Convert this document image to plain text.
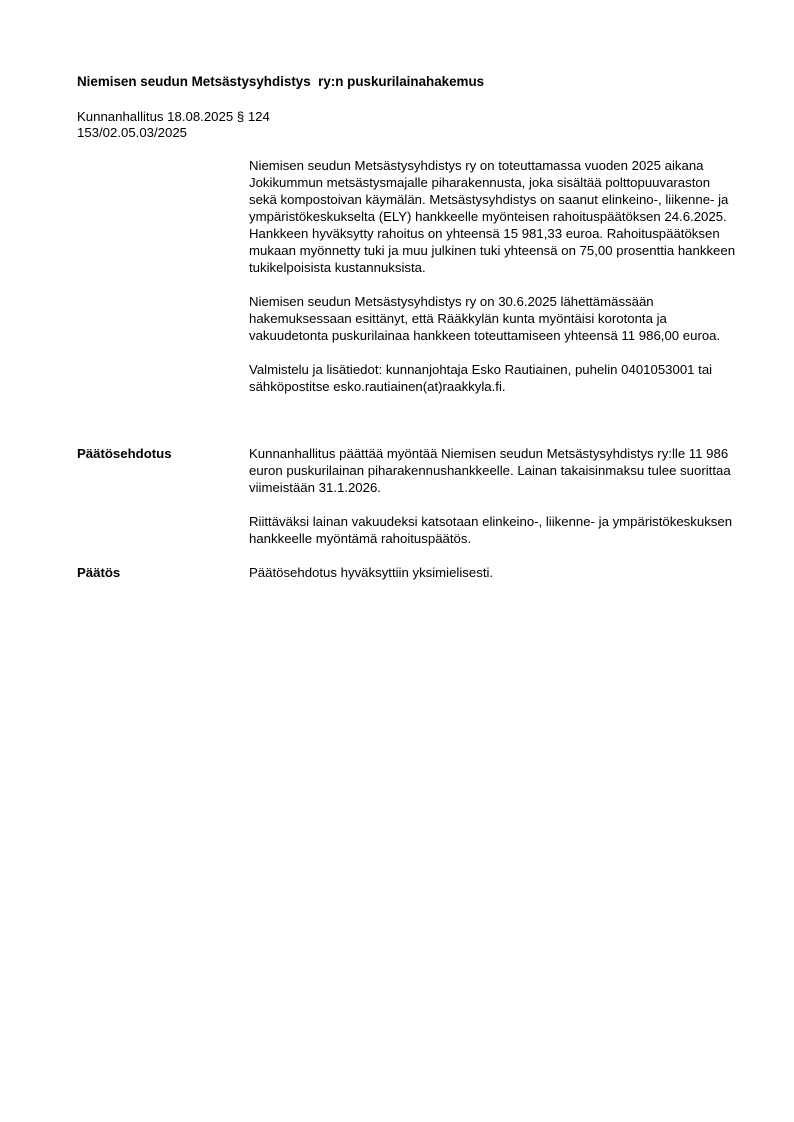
Niemisen seudun Metsästysyhdistys  ry:n puskurilainahakemus
Kunnanhallitus 18.08.2025 § 124
153/02.05.03/2025

Niemisen seudun Metsästysyhdistys ry on toteuttamassa vuoden 2025 aikana Jokikummun metsästysmajalle piharakennusta, joka sisältää polttopuuvaraston sekä kompostoivan käymälän. Metsästysyhdistys on saanut elinkeino-, liikenne- ja ympäristökeskukselta (ELY) hankkeelle myönteisen rahoituspäätöksen 24.6.2025. Hankkeen hyväksytty rahoitus on yhteensä 15 981,33 euroa. Rahoituspäätöksen mukaan myönnetty tuki ja muu julkinen tuki yhteensä on 75,00 prosenttia hankkeen tukikelpoisista kustannuksista.

Niemisen seudun Metsästysyhdistys ry on 30.6.2025 lähettämässään hakemuksessaan esittänyt, että Rääkkylän kunta myöntäisi korotonta ja vakuudetonta puskurilainaa hankkeen toteuttamiseen yhteensä 11 986,00 euroa.

Valmistelu ja lisätiedot: kunnanjohtaja Esko Rautiainen, puhelin 0401053001 tai sähköpostitse esko.rautiainen(at)raakkyla.fi.

Päätösehdotus	Kunnanhallitus päättää myöntää Niemisen seudun Metsästysyhdistys ry:lle 11 986 euron puskurilainan piharakennushankkeelle. Lainan takaisinmaksu tulee suorittaa viimeistään 31.1.2026.

Riittäväksi lainan vakuudeksi katsotaan elinkeino-, liikenne- ja ympäristökeskuksen hankkeelle myöntämä rahoituspäätös.

Päätös	Päätösehdotus hyväksyttiin yksimielisesti.
